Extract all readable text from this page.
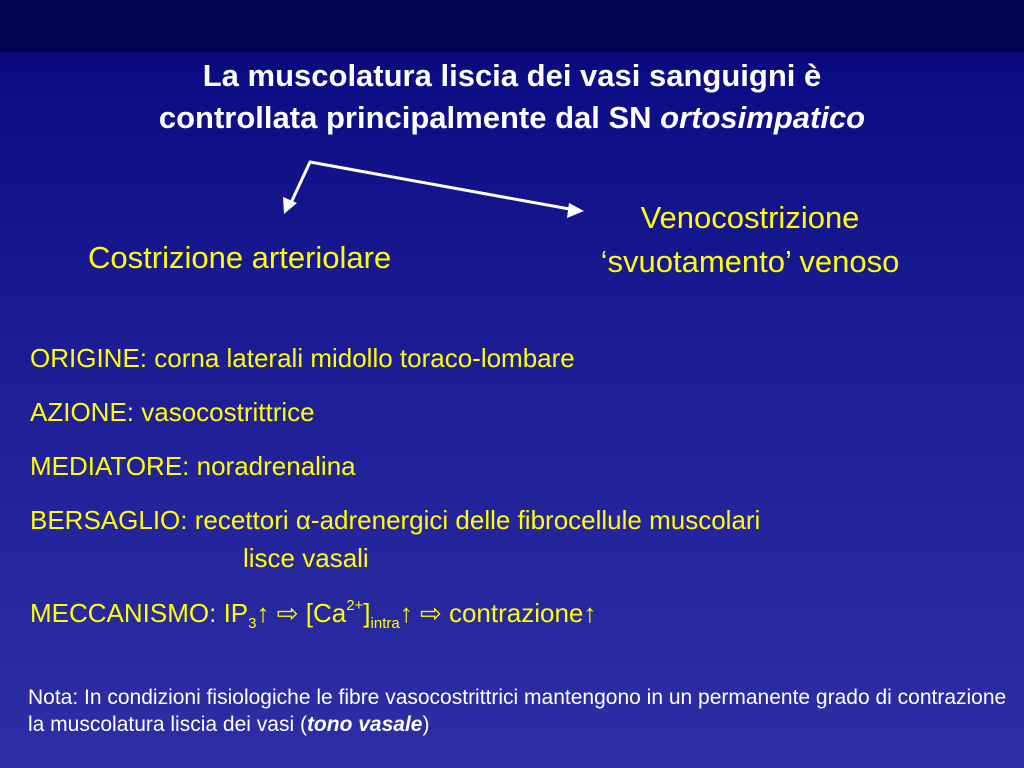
La muscolatura liscia dei vasi sanguigni è
controllata principalmente dal SN ortosimpatico
Costrizione arteriolare
Venocostrizione
‘svuotamento’ venoso
ORIGINE: corna laterali midollo toraco-lombare
AZIONE: vasocostrittrice
MEDIATORE: noradrenalina
BERSAGLIO: recettori α-adrenergici delle fibrocellule muscolari
lisce vasali
MECCANISMO: $IP_3↑$ ⇨ $[Ca^{2+}]_{intra}↑$ ⇨ contrazione↑
Nota: In condizioni fisiologiche le fibre vasocostrittrici mantengono in un permanente grado di contrazione la muscolatura liscia dei vasi (tono vasale)
